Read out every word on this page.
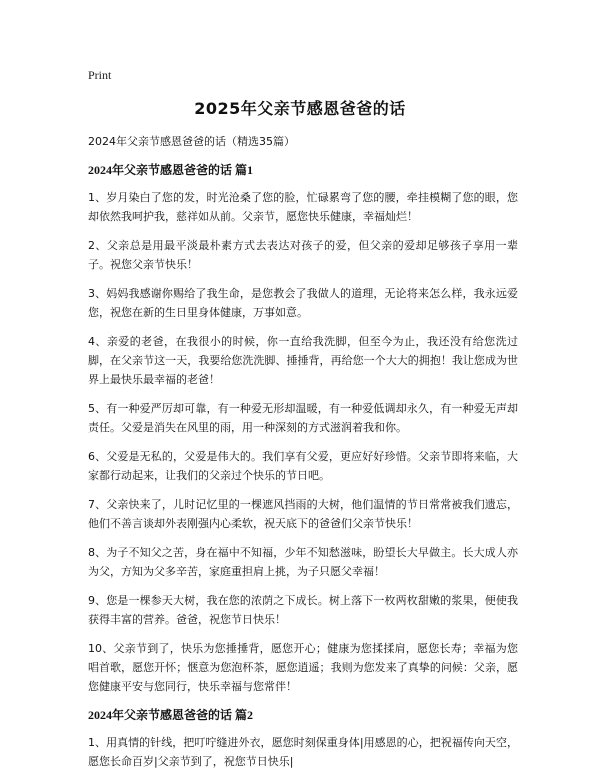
Print
2025年父亲节感恩爸爸的话
2024年父亲节感恩爸爸的话（精选35篇）
2024年父亲节感恩爸爸的话 篇1

1、岁月染白了您的发，时光沧桑了您的脸，忙碌累弯了您的腰，牵挂模糊了您的眼，您却依然我呵护我，慈祥如从前。父亲节，愿您快乐健康，幸福灿烂！

2、父亲总是用最平淡最朴素方式去表达对孩子的爱，但父亲的爱却足够孩子享用一辈子。祝您父亲节快乐！

3、妈妈我感谢你赐给了我生命，是您教会了我做人的道理，无论将来怎么样，我永远爱您，祝您在新的生日里身体健康，万事如意。

4、亲爱的老爸，在我很小的时候，你一直给我洗脚，但至今为止，我还没有给您洗过脚，在父亲节这一天，我要给您洗洗脚、捶捶背，再给您一个大大的拥抱！我让您成为世界上最快乐最幸福的老爸！

5、有一种爱严厉却可靠，有一种爱无形却温暖，有一种爱低调却永久，有一种爱无声却责任。父爱是消失在风里的雨，用一种深刻的方式滋润着我和你。

6、父爱是无私的，父爱是伟大的。我们享有父爱，更应好好珍惜。父亲节即将来临，大家都行动起来，让我们的父亲过个快乐的节日吧。

7、父亲快来了，儿时记忆里的一棵遮风挡雨的大树，他们温情的节日常常被我们遗忘，他们不善言谈却外表刚强内心柔软，祝天底下的爸爸们父亲节快乐！

8、为子不知父之苦，身在福中不知福，少年不知愁滋味，盼望长大早做主。长大成人亦为父，方知为父多辛苦，家庭重担肩上挑，为子只愿父幸福！

9、您是一棵参天大树，我在您的浓荫之下成长。树上落下一枚两枚甜嫩的浆果，便使我获得丰富的营养。爸爸，祝您节日快乐！

10、父亲节到了，快乐为您捶捶背，愿您开心；健康为您揉揉肩，愿您长寿；幸福为您唱首歌，愿您开怀；惬意为您泡杯茶，愿您逍遥；我则为您发来了真挚的问候：父亲，愿您健康平安与您同行，快乐幸福与您常伴！

2024年父亲节感恩爸爸的话 篇2

1、用真情的针线，把叮咛缝进外衣，愿您时刻保重身体|用感恩的心，把祝福传向天空，愿您长命百岁|父亲节到了，祝您节日快乐|
